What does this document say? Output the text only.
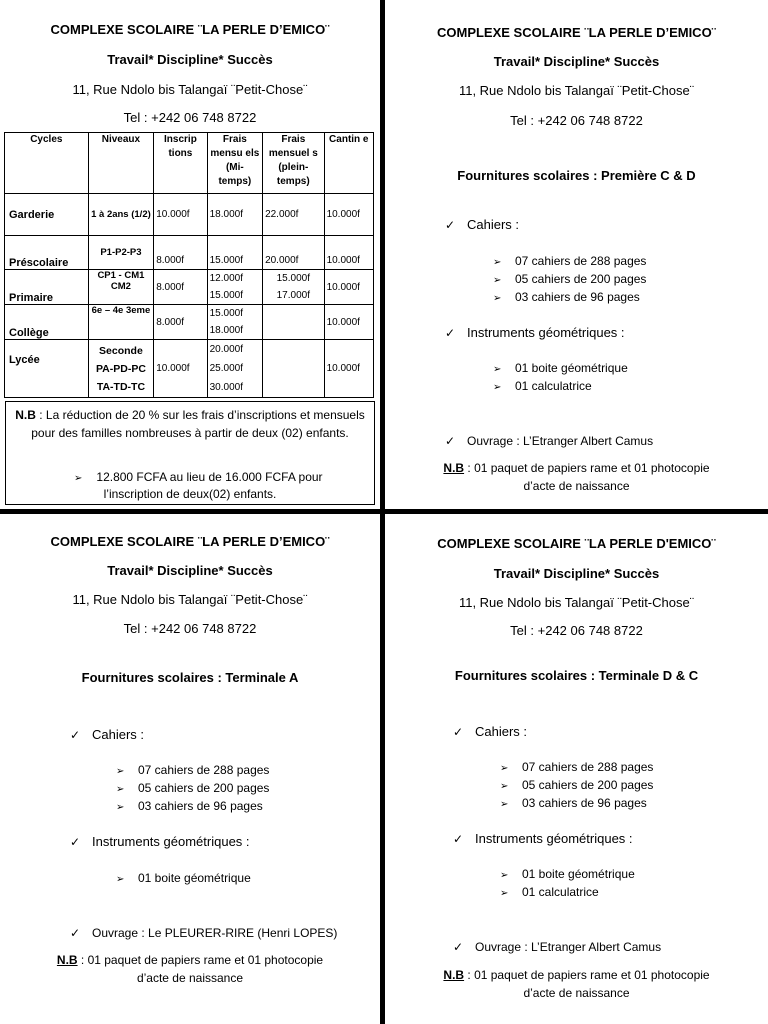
COMPLEXE SCOLAIRE ¨LA PERLE D’EMICO¨
Travail* Discipline* Succès
11, Rue Ndolo bis Talangaï ¨Petit-Chose¨
Tel : +242 06 748 8722
Cycles	Niveaux	Inscrip tions	Frais mensu els (Mi-temps)	Frais mensuel s (plein-temps)	Cantin e
Garderie	1 à 2ans (1/2)	10.000f	18.000f	22.000f	10.000f
Préscolaire	P1-P2-P3	8.000f	15.000f	20.000f	10.000f
Primaire	CP1 - CM1 CM2	8.000f	12.000f 15.000f	15.000f 17.000f	10.000f
Collège	6e – 4e 3eme	8.000f	15.000f 18.000f		10.000f
Lycée	Seconde PA-PD-PC TA-TD-TC	10.000f	20.000f 25.000f 30.000f		10.000f
N.B : La réduction de 20 % sur les frais d’inscriptions et mensuels pour des familles nombreuses à partir de deux (02) enfants.
➢ 12.800 FCFA au lieu de 16.000 FCFA pour
l’inscription de deux(02) enfants.
COMPLEXE SCOLAIRE ¨LA PERLE D’EMICO¨
Travail* Discipline* Succès
11, Rue Ndolo bis Talangaï ¨Petit-Chose¨
Tel : +242 06 748 8722
Fournitures scolaires : Première C & D
✓ Cahiers :
➢ 07 cahiers de 288 pages
➢ 05 cahiers de 200 pages
➢ 03 cahiers de 96 pages
✓ Instruments géométriques :
➢ 01 boite géométrique
➢ 01 calculatrice
✓ Ouvrage : L’Etranger Albert Camus
N.B : 01 paquet de papiers rame et 01 photocopie
d’acte de naissance
COMPLEXE SCOLAIRE ¨LA PERLE D’EMICO¨
Travail* Discipline* Succès
11, Rue Ndolo bis Talangaï ¨Petit-Chose¨
Tel : +242 06 748 8722
Fournitures scolaires : Terminale A
✓ Cahiers :
➢ 07 cahiers de 288 pages
➢ 05 cahiers de 200 pages
➢ 03 cahiers de 96 pages
✓ Instruments géométriques :
➢ 01 boite géométrique
✓ Ouvrage : Le PLEURER-RIRE (Henri LOPES)
N.B : 01 paquet de papiers rame et 01 photocopie
d’acte de naissance
COMPLEXE SCOLAIRE ¨LA PERLE D'EMICO¨
Travail* Discipline* Succès
11, Rue Ndolo bis Talangaï ¨Petit-Chose¨
Tel : +242 06 748 8722
Fournitures scolaires : Terminale D & C
✓ Cahiers :
➢ 07 cahiers de 288 pages
➢ 05 cahiers de 200 pages
➢ 03 cahiers de 96 pages
✓ Instruments géométriques :
➢ 01 boite géométrique
➢ 01 calculatrice
✓ Ouvrage : L’Etranger Albert Camus
N.B : 01 paquet de papiers rame et 01 photocopie
d’acte de naissance
